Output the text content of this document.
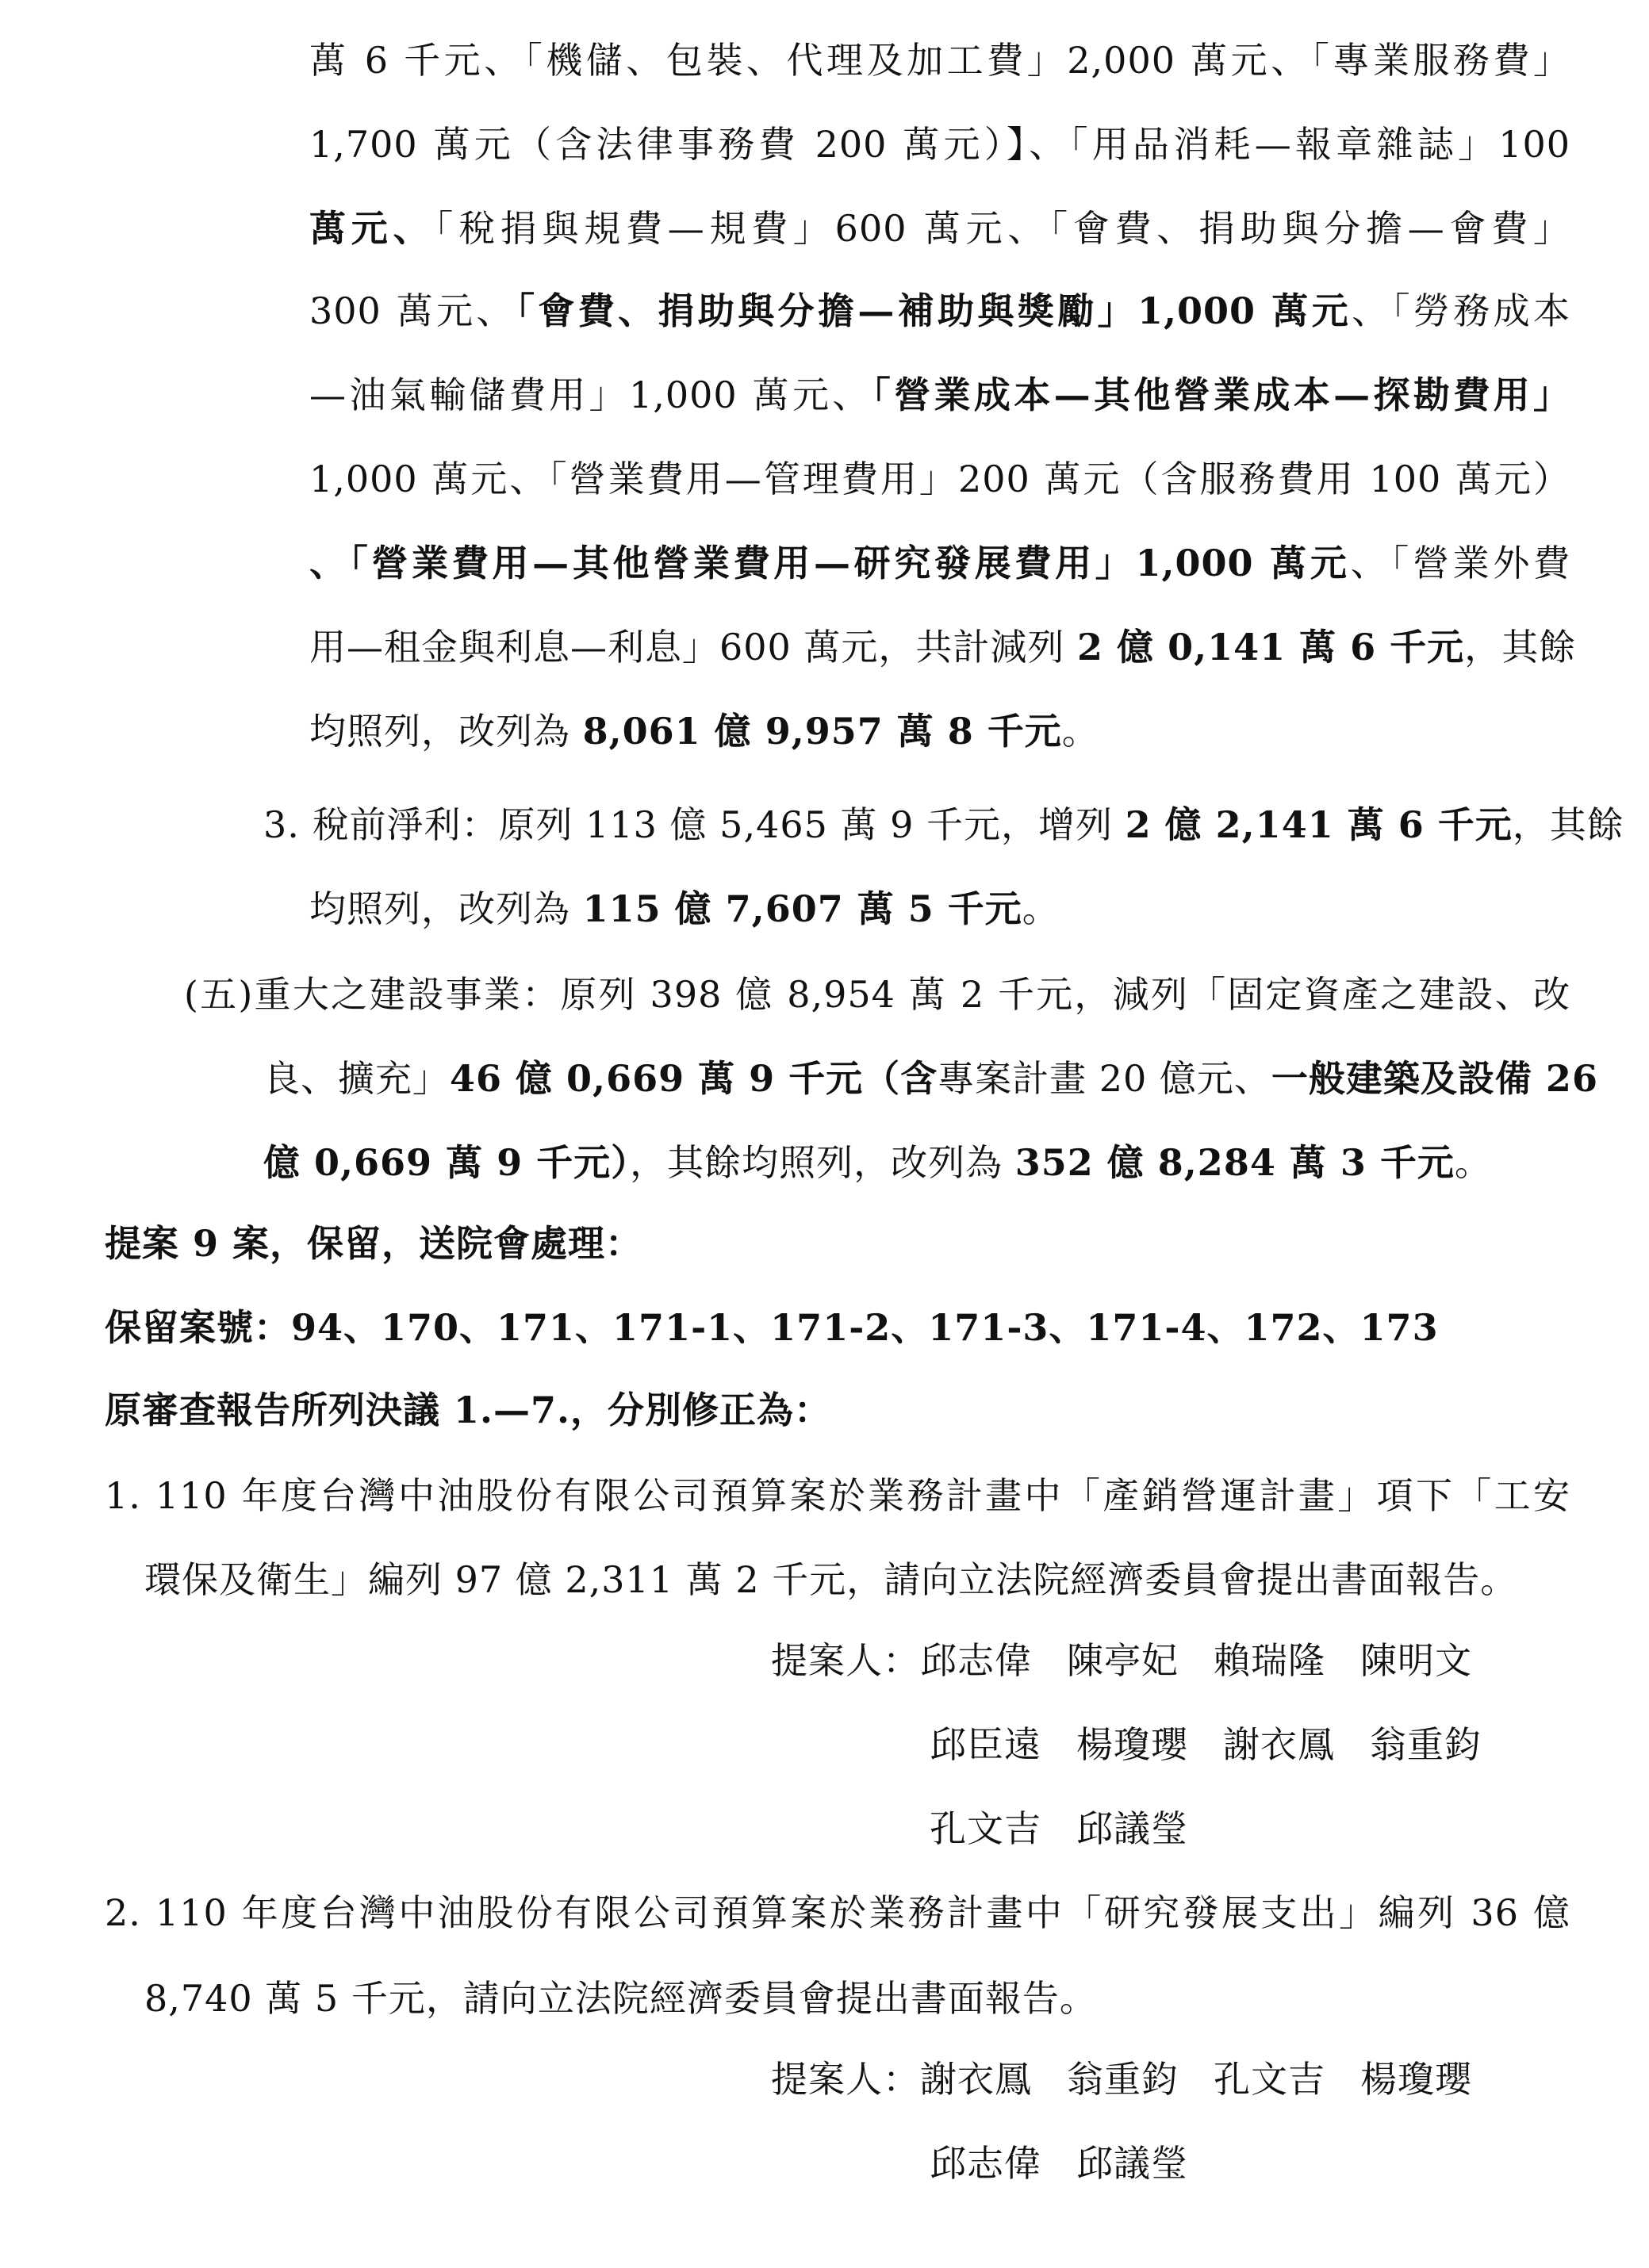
萬 6 千元、「機儲、包裝、代理及加工費」2,000 萬元、「專業服務費」
1,700 萬元（含法律事務費 200 萬元）】、「用品消耗—報章雜誌」100
萬元、「稅捐與規費—規費」600 萬元、「會費、捐助與分擔—會費」
300 萬元、「會費、捐助與分擔—補助與獎勵」1,000 萬元、「勞務成本
—油氣輸儲費用」1,000 萬元、「營業成本—其他營業成本—探勘費用」
1,000 萬元、「營業費用—管理費用」200 萬元（含服務費用 100 萬元）
、「營業費用—其他營業費用—研究發展費用」1,000 萬元、「營業外費
用—租金與利息—利息」600 萬元，共計減列 2 億 0,141 萬 6 千元，其餘
均照列，改列為 8,061 億 9,957 萬 8 千元。
3. 稅前淨利：原列 113 億 5,465 萬 9 千元，增列 2 億 2,141 萬 6 千元，其餘
均照列，改列為 115 億 7,607 萬 5 千元。
(五)重大之建設事業：原列 398 億 8,954 萬 2 千元，減列「固定資產之建設、改
良、擴充」46 億 0,669 萬 9 千元（含專案計畫 20 億元、一般建築及設備 26
億 0,669 萬 9 千元），其餘均照列，改列為 352 億 8,284 萬 3 千元。
提案 9 案，保留，送院會處理：
保留案號：94、170、171、171-1、171-2、171-3、171-4、172、173
原審查報告所列決議 1.—7.，分別修正為：
1. 110 年度台灣中油股份有限公司預算案於業務計畫中「產銷營運計畫」項下「工安
環保及衛生」編列 97 億 2,311 萬 2 千元，請向立法院經濟委員會提出書面報告。
提案人：邱志偉 陳亭妃 賴瑞隆 陳明文
邱臣遠 楊瓊瓔 謝衣鳳 翁重鈞
孔文吉 邱議瑩
2. 110 年度台灣中油股份有限公司預算案於業務計畫中「研究發展支出」編列 36 億
8,740 萬 5 千元，請向立法院經濟委員會提出書面報告。
提案人：謝衣鳳 翁重鈞 孔文吉 楊瓊瓔
邱志偉 邱議瑩
